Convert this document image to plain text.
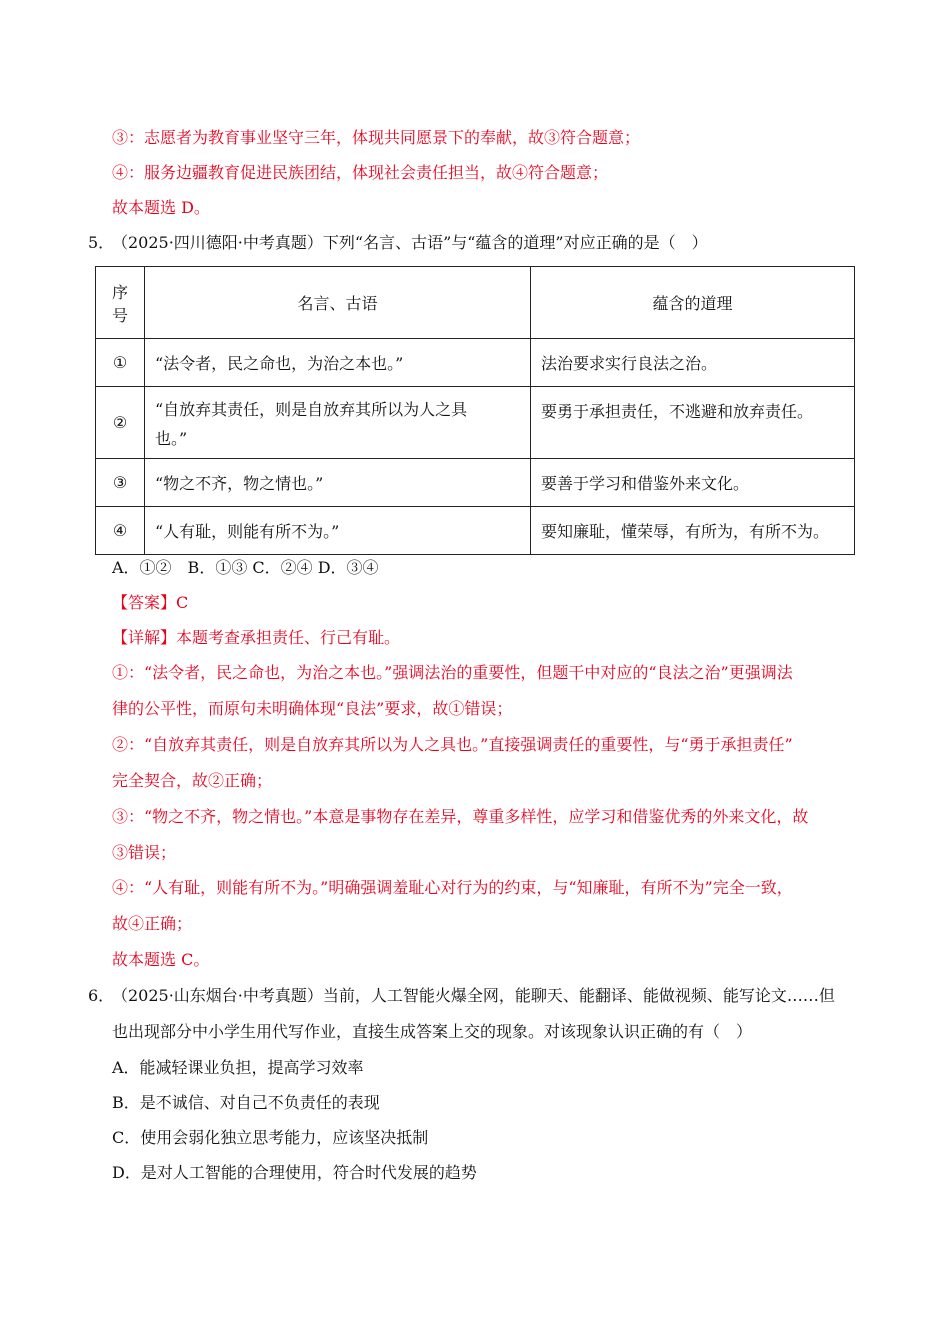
③：志愿者为教育事业坚守三年，体现共同愿景下的奉献，故③符合题意；
④：服务边疆教育促进民族团结，体现社会责任担当，故④符合题意；
故本题选 D。
5．
（2025·四川德阳·中考真题）下列“名言、古语”与“蕴含的道理”对应正确的是（　）
序
号	名言、古语	蕴含的道理
①	“法令者，民之命也，为治之本也。”	法治要求实行良法之治。
②	“自放弃其责任，则是自放弃其所以为人之具
也。”	要勇于承担责任，不逃避和放弃责任。
③	“物之不齐，物之情也。”	要善于学习和借鉴外来文化。
④	“人有耻，则能有所不为。”	要知廉耻，懂荣辱，有所为，有所不为。
A．①②　B．①③ C．②④ D．③④
【答案】C
【详解】本题考查承担责任、行己有耻。
①：“法令者，民之命也，为治之本也。”强调法治的重要性，但题干中对应的“良法之治”更强调法
律的公平性，而原句未明确体现“良法”要求，故①错误；
②：“自放弃其责任，则是自放弃其所以为人之具也。”直接强调责任的重要性，与“勇于承担责任”
完全契合，故②正确；
③：“物之不齐，物之情也。”本意是事物存在差异，尊重多样性，应学习和借鉴优秀的外来文化，故
③错误；
④：“人有耻，则能有所不为。”明确强调羞耻心对行为的约束，与“知廉耻，有所不为”完全一致，
故④正确；
故本题选 C。
6．
（2025·山东烟台·中考真题）当前，人工智能火爆全网，能聊天、能翻译、能做视频、能写论文……但
也出现部分中小学生用代写作业，直接生成答案上交的现象。对该现象认识正确的有（　）
A．能减轻课业负担，提高学习效率
B．是不诚信、对自己不负责任的表现
C．使用会弱化独立思考能力，应该坚决抵制
D．是对人工智能的合理使用，符合时代发展的趋势
